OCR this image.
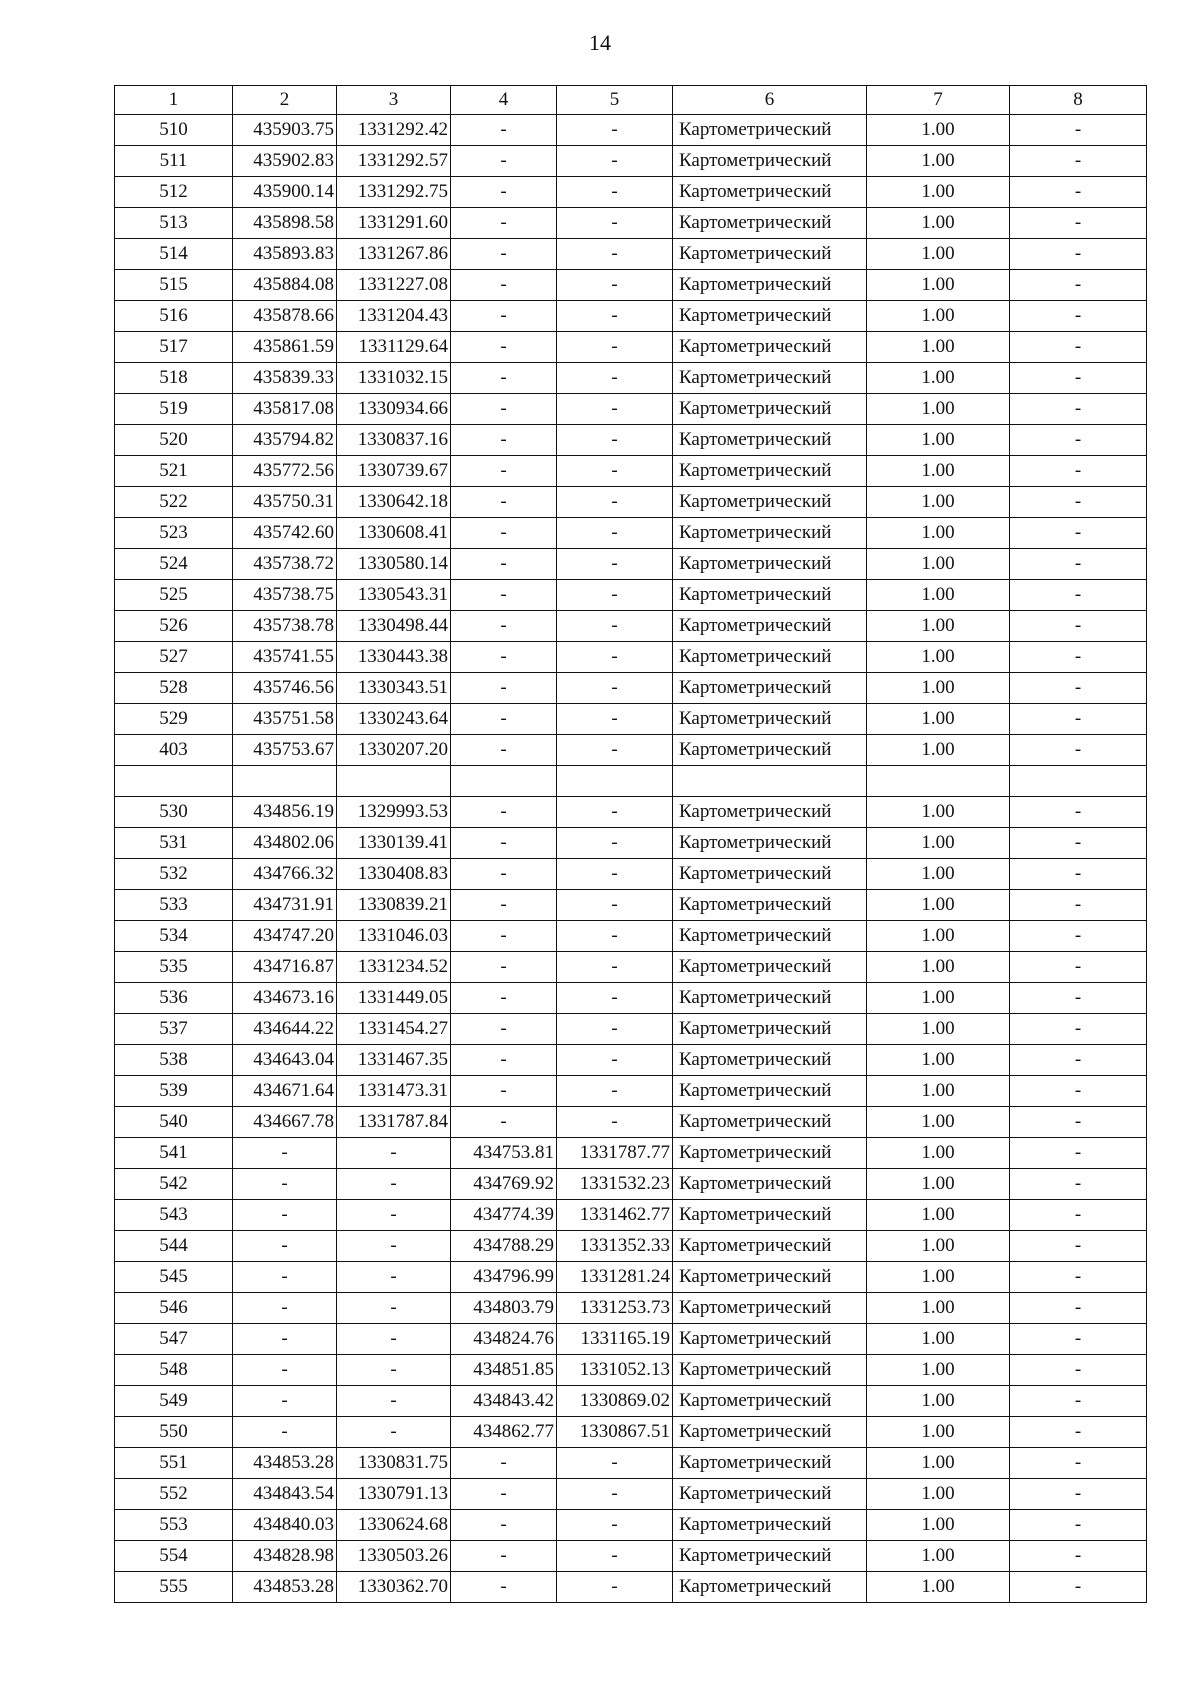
14
1	2	3	4	5	6	7	8
510	435903.75	1331292.42	-	-	Картометрический	1.00	-
511	435902.83	1331292.57	-	-	Картометрический	1.00	-
512	435900.14	1331292.75	-	-	Картометрический	1.00	-
513	435898.58	1331291.60	-	-	Картометрический	1.00	-
514	435893.83	1331267.86	-	-	Картометрический	1.00	-
515	435884.08	1331227.08	-	-	Картометрический	1.00	-
516	435878.66	1331204.43	-	-	Картометрический	1.00	-
517	435861.59	1331129.64	-	-	Картометрический	1.00	-
518	435839.33	1331032.15	-	-	Картометрический	1.00	-
519	435817.08	1330934.66	-	-	Картометрический	1.00	-
520	435794.82	1330837.16	-	-	Картометрический	1.00	-
521	435772.56	1330739.67	-	-	Картометрический	1.00	-
522	435750.31	1330642.18	-	-	Картометрический	1.00	-
523	435742.60	1330608.41	-	-	Картометрический	1.00	-
524	435738.72	1330580.14	-	-	Картометрический	1.00	-
525	435738.75	1330543.31	-	-	Картометрический	1.00	-
526	435738.78	1330498.44	-	-	Картометрический	1.00	-
527	435741.55	1330443.38	-	-	Картометрический	1.00	-
528	435746.56	1330343.51	-	-	Картометрический	1.00	-
529	435751.58	1330243.64	-	-	Картометрический	1.00	-
403	435753.67	1330207.20	-	-	Картометрический	1.00	-

530	434856.19	1329993.53	-	-	Картометрический	1.00	-
531	434802.06	1330139.41	-	-	Картометрический	1.00	-
532	434766.32	1330408.83	-	-	Картометрический	1.00	-
533	434731.91	1330839.21	-	-	Картометрический	1.00	-
534	434747.20	1331046.03	-	-	Картометрический	1.00	-
535	434716.87	1331234.52	-	-	Картометрический	1.00	-
536	434673.16	1331449.05	-	-	Картометрический	1.00	-
537	434644.22	1331454.27	-	-	Картометрический	1.00	-
538	434643.04	1331467.35	-	-	Картометрический	1.00	-
539	434671.64	1331473.31	-	-	Картометрический	1.00	-
540	434667.78	1331787.84	-	-	Картометрический	1.00	-
541	-	-	434753.81	1331787.77	Картометрический	1.00	-
542	-	-	434769.92	1331532.23	Картометрический	1.00	-
543	-	-	434774.39	1331462.77	Картометрический	1.00	-
544	-	-	434788.29	1331352.33	Картометрический	1.00	-
545	-	-	434796.99	1331281.24	Картометрический	1.00	-
546	-	-	434803.79	1331253.73	Картометрический	1.00	-
547	-	-	434824.76	1331165.19	Картометрический	1.00	-
548	-	-	434851.85	1331052.13	Картометрический	1.00	-
549	-	-	434843.42	1330869.02	Картометрический	1.00	-
550	-	-	434862.77	1330867.51	Картометрический	1.00	-
551	434853.28	1330831.75	-	-	Картометрический	1.00	-
552	434843.54	1330791.13	-	-	Картометрический	1.00	-
553	434840.03	1330624.68	-	-	Картометрический	1.00	-
554	434828.98	1330503.26	-	-	Картометрический	1.00	-
555	434853.28	1330362.70	-	-	Картометрический	1.00	-
